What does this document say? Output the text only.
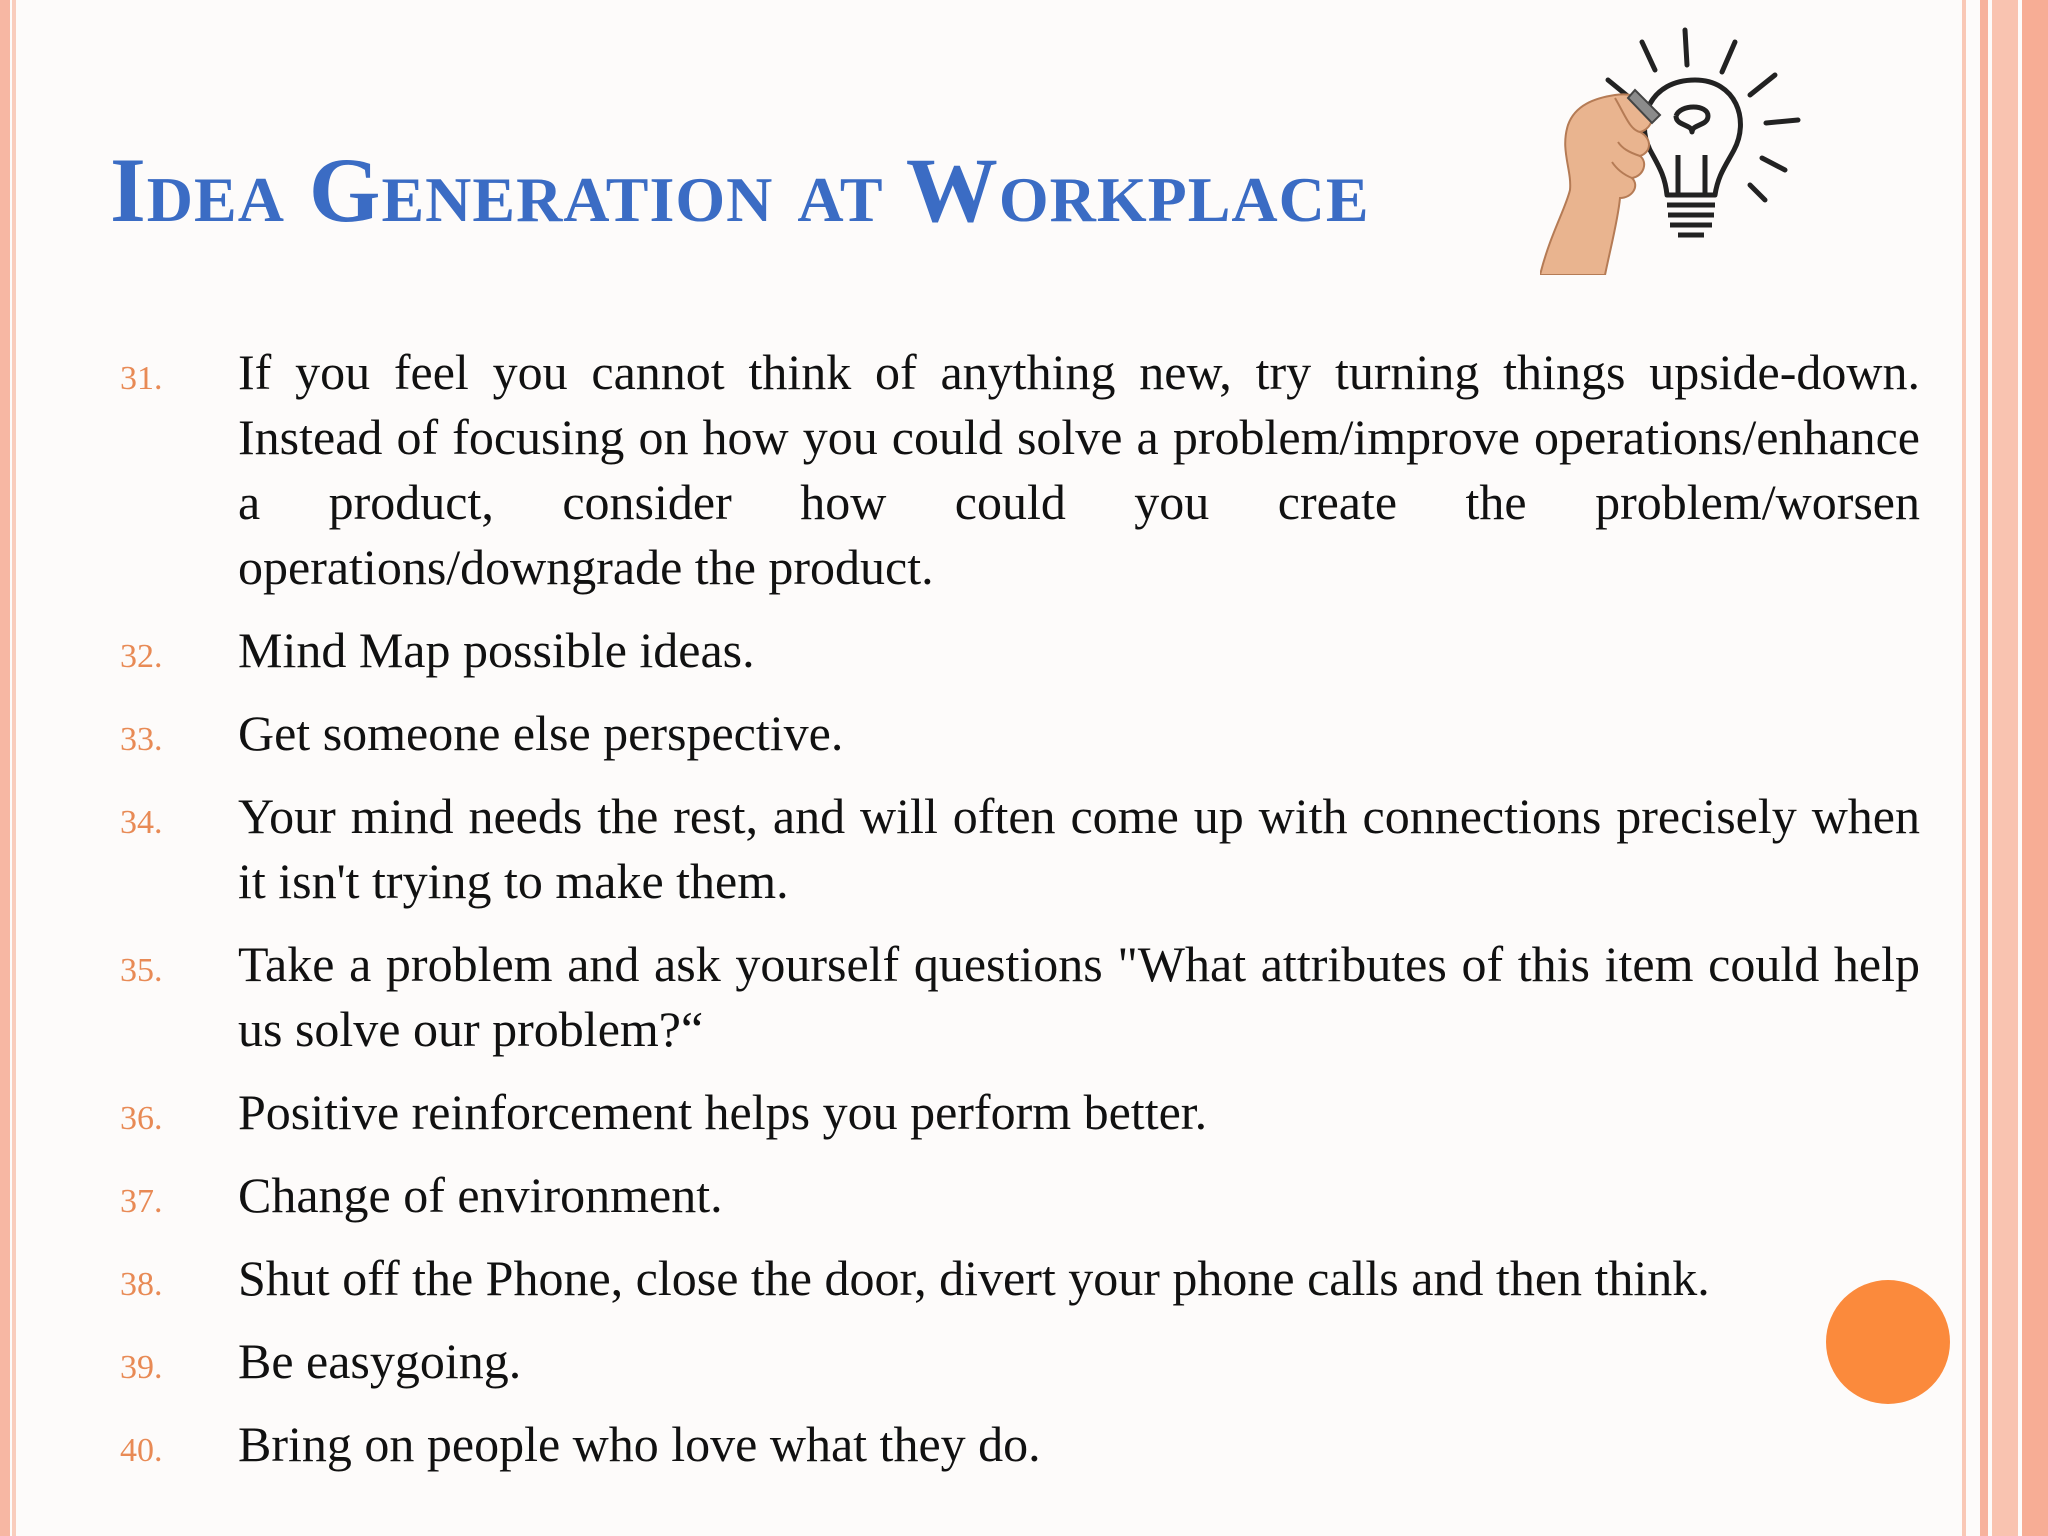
Idea Generation at Workplace
31.	If you feel you cannot think of anything new, try turning things upside-down. Instead of focusing on how you could solve a problem/improve operations/enhance a product, consider how could you create the problem/worsen operations/downgrade the product.
32.	Mind Map possible ideas.
33.	Get someone else perspective.
34.	Your mind needs the rest, and will often come up with connections precisely when it isn't trying to make them.
35.	Take a problem and ask yourself questions "What attributes of this item could help us solve our problem?“
36.	Positive reinforcement helps you perform better.
37.	Change of environment.
38.	Shut off the Phone, close the door, divert your phone calls and then think.
39.	Be easygoing.
40.	Bring on people who love what they do.
